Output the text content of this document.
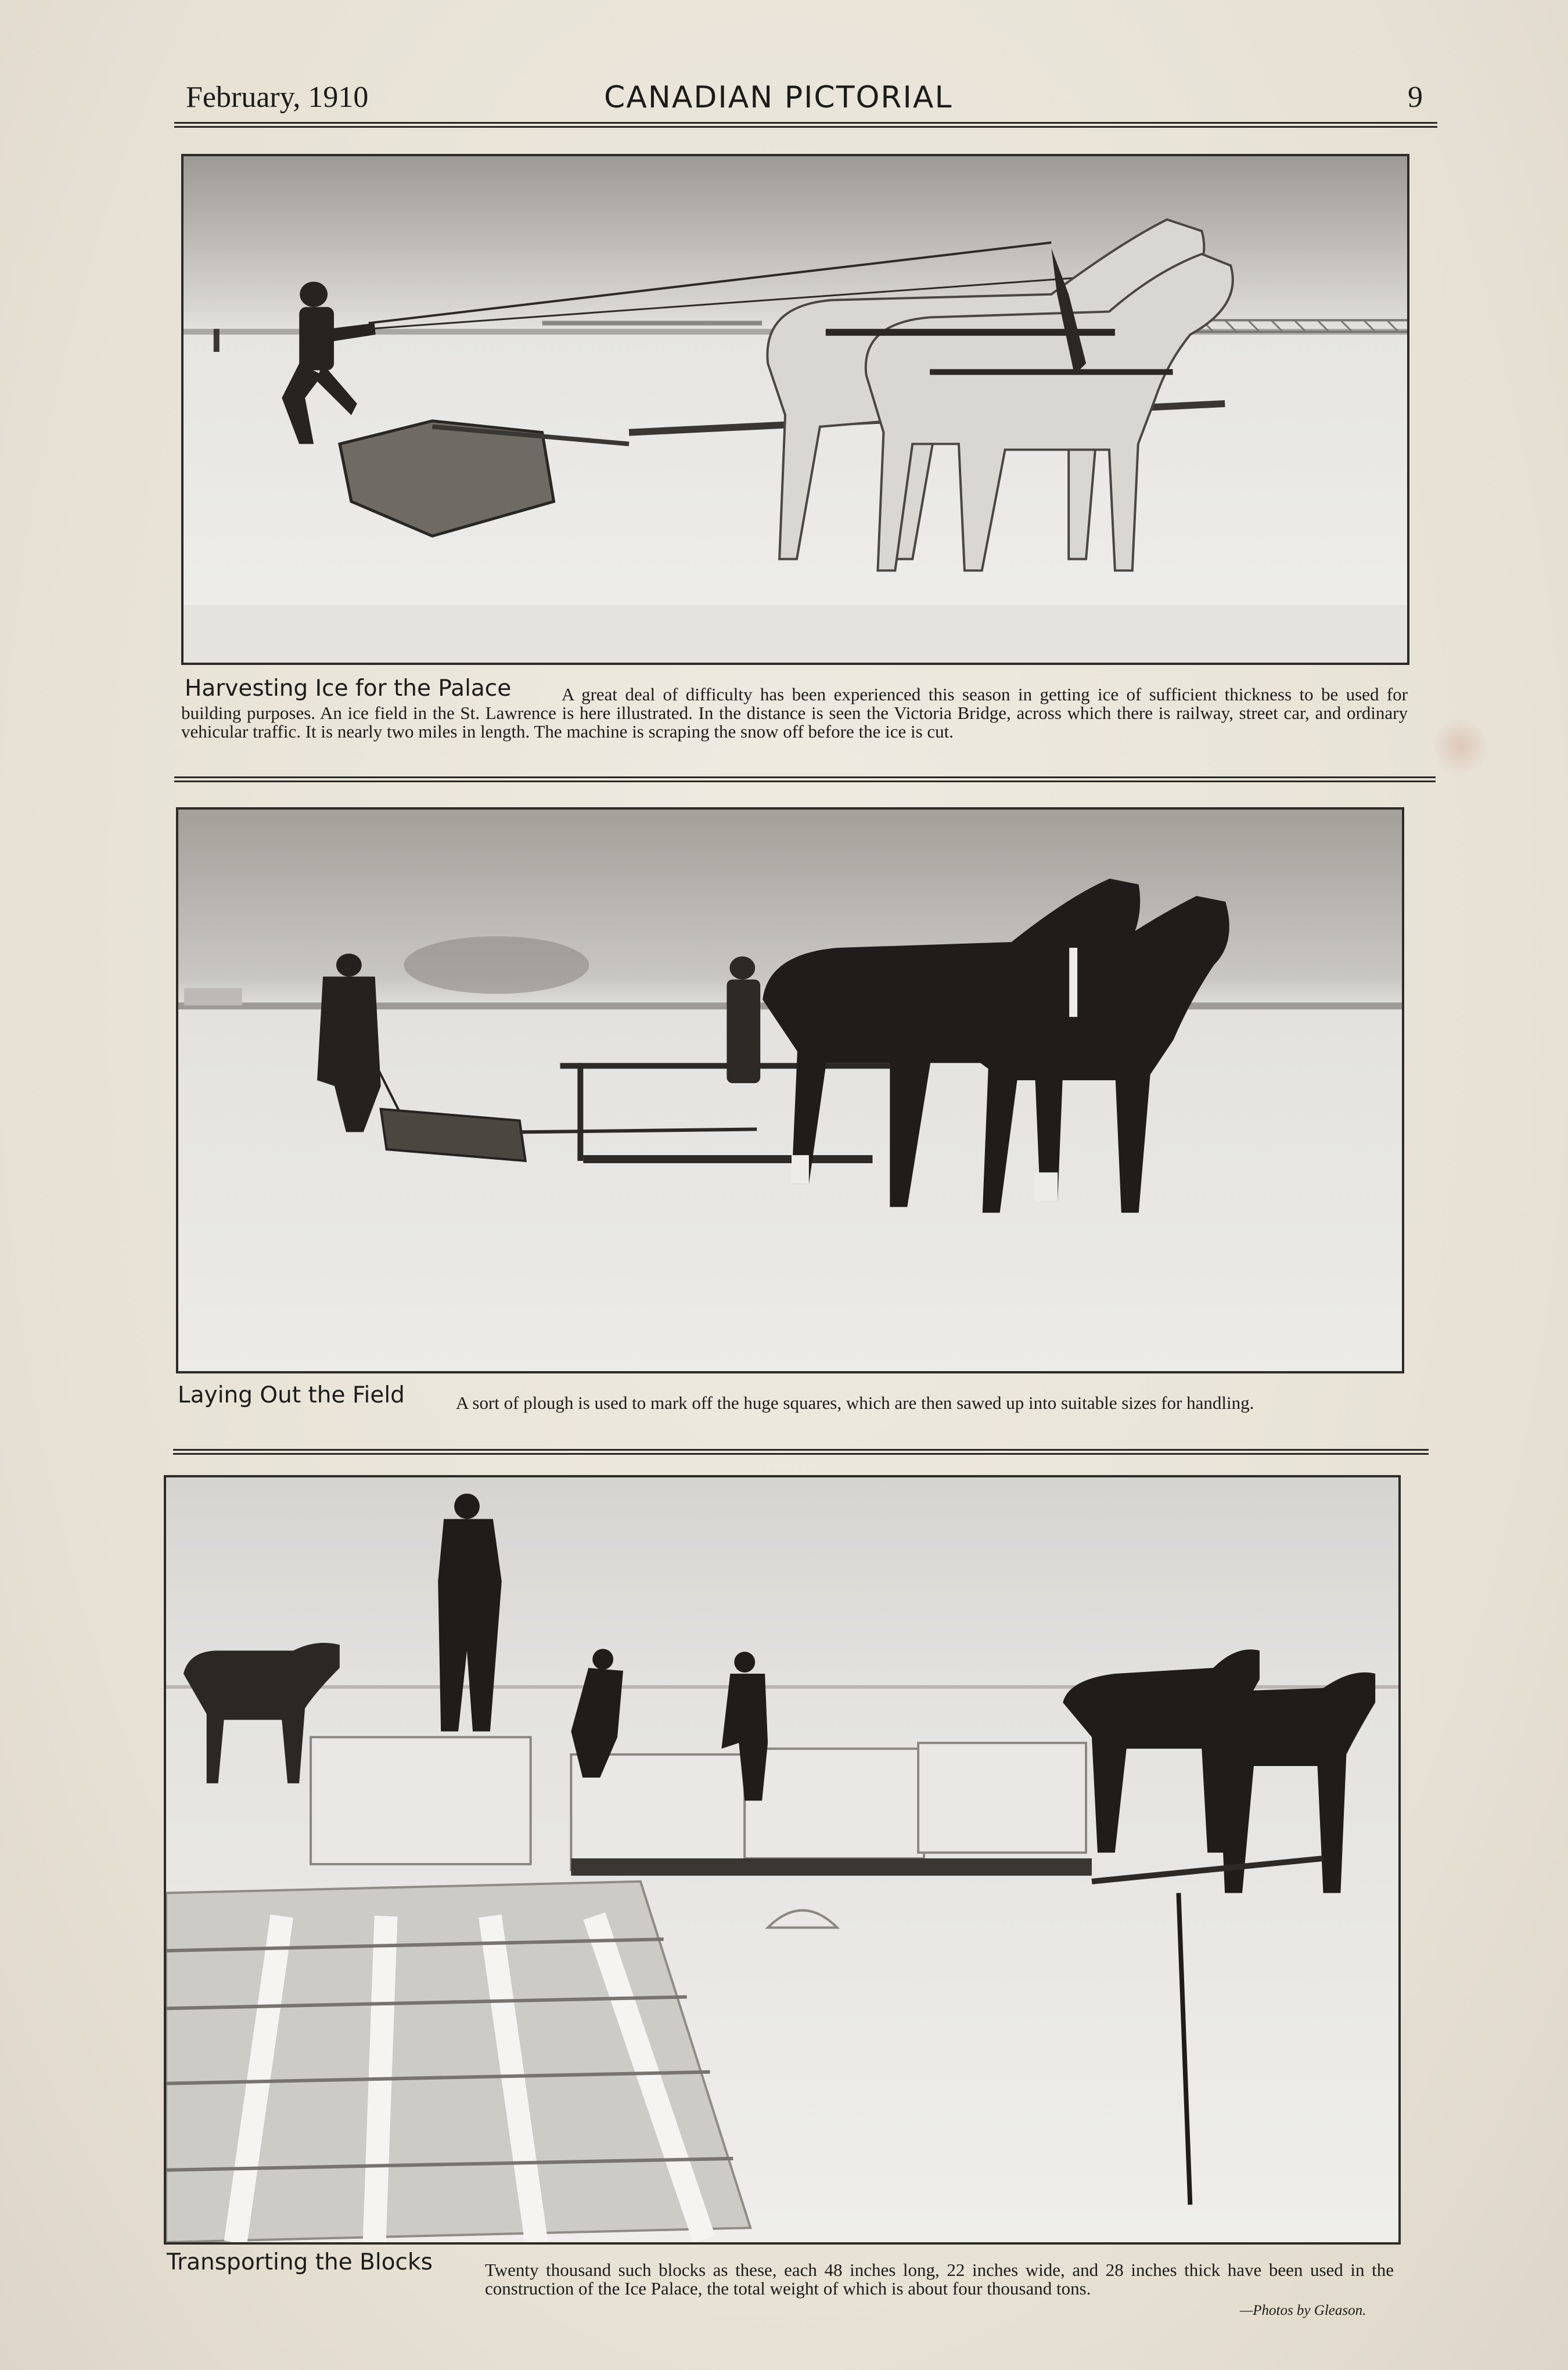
February, 1910	CANADIAN PICTORIAL	9
Harvesting Ice for the Palace	A great deal of difficulty has been experienced this season in getting ice of sufficient thickness to be used for building purposes. An ice field in the St. Lawrence is here illustrated. In the distance is seen the Victoria Bridge, across which there is railway, street car, and ordinary vehicular traffic. It is nearly two miles in length. The machine is scraping the snow off before the ice is cut.
Laying Out the Field	A sort of plough is used to mark off the huge squares, which are then sawed up into suitable sizes for handling.
Transporting the Blocks	Twenty thousand such blocks as these, each 48 inches long, 22 inches wide, and 28 inches thick have been used in the construction of the Ice Palace, the total weight of which is about four thousand tons.
—Photos by Gleason.
